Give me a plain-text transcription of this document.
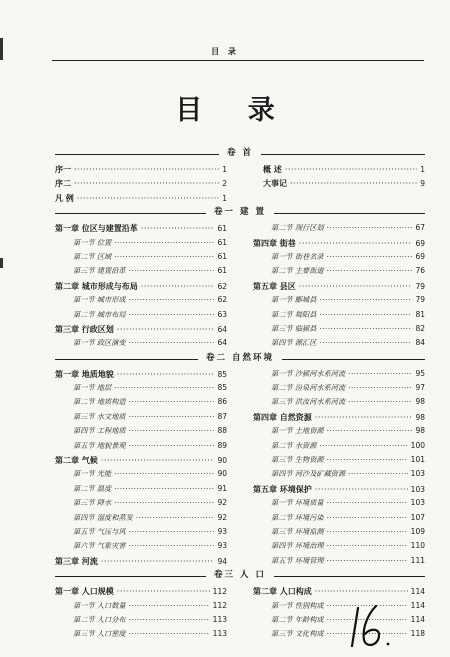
目 录
目 录
卷 首
序一 ·····	1
序二 ·····	2
凡 例 ·····	1
概 述 ·····	1
大事记 ·····	9
卷一 建 置
第一章 位区与建置沿革 ·····	61
第一节 位置 ·····	61
第二节 区域 ·····	61
第三节 建置沿革 ·····	61
第二章 城市形成与布局 ·····	62
第一节 城市形成 ·····	62
第二节 城市布局 ·····	63
第三章 行政区划 ·····	64
第一节 政区演变 ·····	64
第二节 现行区划 ·····	67
第四章 街巷 ·····	69
第一节 街巷名录 ·····	69
第二节 主要街道 ·····	76
第五章 县区 ·····	79
第一节 郾城县 ·····	79
第二节 舞阳县 ·····	81
第三节 临颍县 ·····	82
第四节 源汇区 ·····	84
卷二 自然环境
第一章 地质地貌 ·····	85
第一节 地层 ·····	85
第二节 地质构造 ·····	86
第三节 水文地质 ·····	87
第四节 工程地质 ·····	88
第五节 地貌景观 ·····	89
第二章 气候 ·····	90
第一节 光能 ·····	90
第二节 温度 ·····	91
第三节 降水 ·····	92
第四节 湿度和蒸发 ·····	92
第五节 气压与风 ·····	93
第六节 气象灾害 ·····	93
第三章 河流 ·····	94
第一节 沙颍河水系河流 ·····	95
第二节 汾泉河水系河流 ·····	97
第三节 洪汝河水系河流 ·····	98
第四章 自然资源 ·····	98
第一节 土地资源 ·····	98
第二节 水资源 ·····	100
第三节 生物资源 ·····	101
第四节 河沙及矿藏资源 ·····	103
第五章 环境保护 ·····	103
第一节 环境质量 ·····	103
第二节 环境污染 ·····	107
第三节 环境监测 ·····	109
第四节 环境治理 ·····	110
第五节 环境管理 ·····	111
卷三 人 口
第一章 人口规模 ·····	112
第一节 人口数量 ·····	112
第二节 人口分布 ·····	113
第三节 人口密度 ·····	113
第二章 人口构成 ·····	114
第一节 性别构成 ·····	114
第二节 年龄构成 ·····	114
第三节 文化构成 ·····	118
